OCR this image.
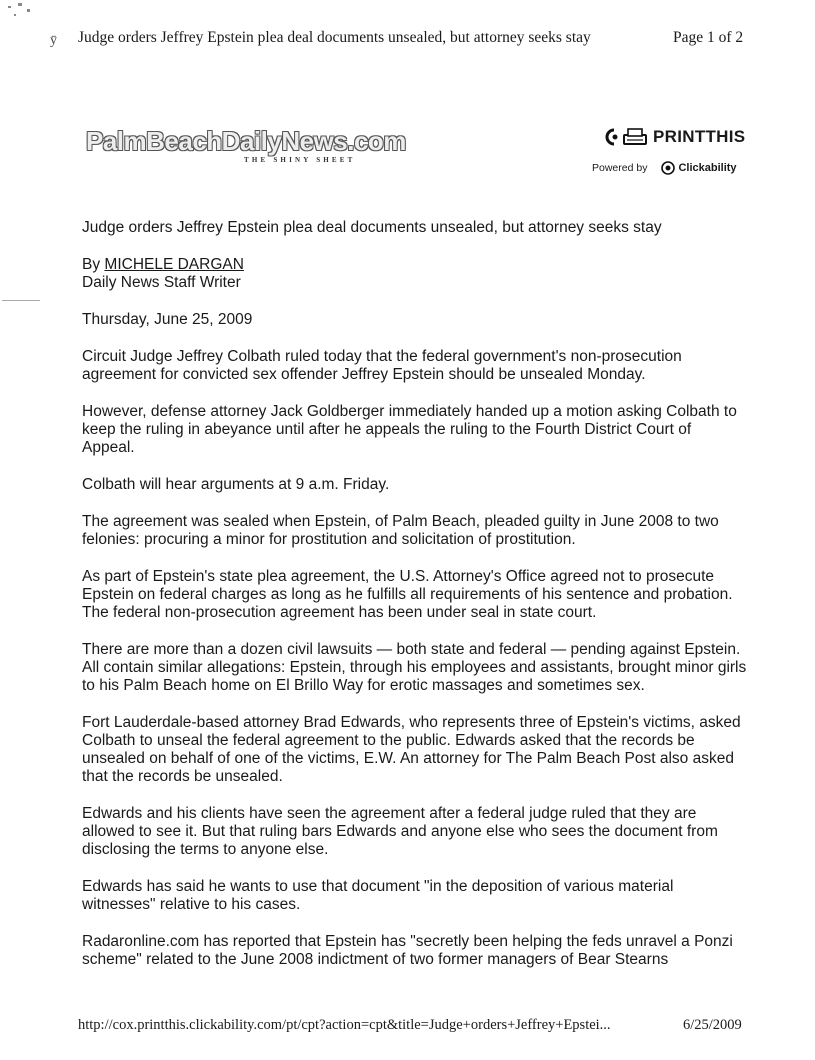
ȳ Judge orders Jeffrey Epstein plea deal documents unsealed, but attorney seeks stay	Page 1 of 2
PalmBeachDailyNews.com
THE SHINY SHEET
PRINTTHIS
Powered by	Clickability
Judge orders Jeffrey Epstein plea deal documents unsealed, but attorney seeks stay
By MICHELE DARGAN
Daily News Staff Writer

Thursday, June 25, 2009

Circuit Judge Jeffrey Colbath ruled today that the federal government's non-prosecution agreement for convicted sex offender Jeffrey Epstein should be unsealed Monday.

However, defense attorney Jack Goldberger immediately handed up a motion asking Colbath to keep the ruling in abeyance until after he appeals the ruling to the Fourth District Court of Appeal.

Colbath will hear arguments at 9 a.m. Friday.

The agreement was sealed when Epstein, of Palm Beach, pleaded guilty in June 2008 to two felonies: procuring a minor for prostitution and solicitation of prostitution.

As part of Epstein's state plea agreement, the U.S. Attorney's Office agreed not to prosecute Epstein on federal charges as long as he fulfills all requirements of his sentence and probation. The federal non-prosecution agreement has been under seal in state court.

There are more than a dozen civil lawsuits — both state and federal — pending against Epstein. All contain similar allegations: Epstein, through his employees and assistants, brought minor girls to his Palm Beach home on El Brillo Way for erotic massages and sometimes sex.

Fort Lauderdale-based attorney Brad Edwards, who represents three of Epstein's victims, asked Colbath to unseal the federal agreement to the public. Edwards asked that the records be unsealed on behalf of one of the victims, E.W. An attorney for The Palm Beach Post also asked that the records be unsealed.

Edwards and his clients have seen the agreement after a federal judge ruled that they are allowed to see it. But that ruling bars Edwards and anyone else who sees the document from disclosing the terms to anyone else.

Edwards has said he wants to use that document "in the deposition of various material witnesses" relative to his cases.

Radaronline.com has reported that Epstein has "secretly been helping the feds unravel a Ponzi scheme" related to the June 2008 indictment of two former managers of Bear Stearns

http://cox.printthis.clickability.com/pt/cpt?action=cpt&title=Judge+orders+Jeffrey+Epstei...	6/25/2009
